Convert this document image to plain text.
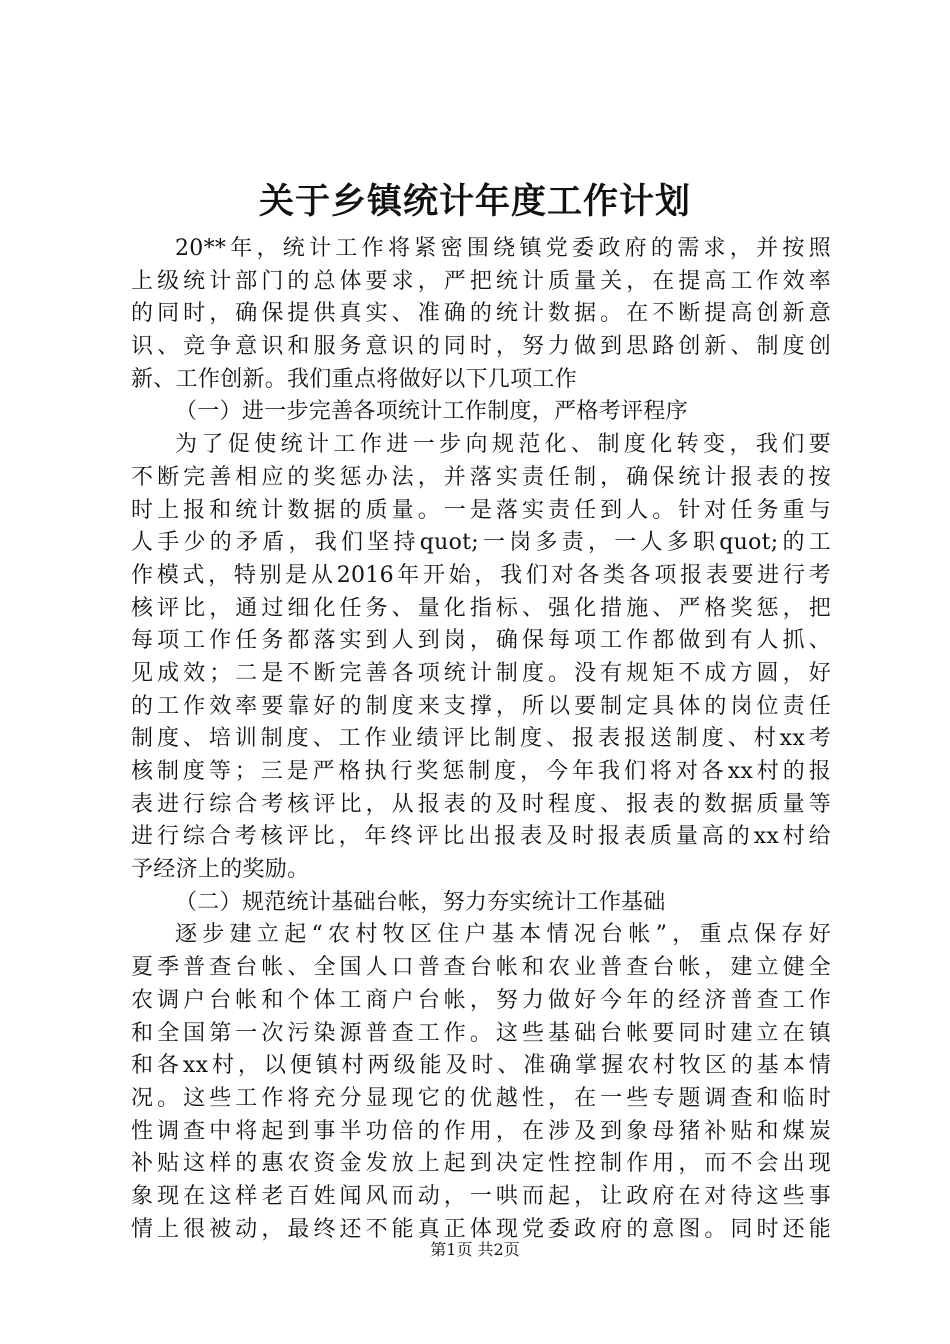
关于乡镇统计年度工作计划
20**年，统计工作将紧密围绕镇党委政府的需求，并按照
上级统计部门的总体要求，严把统计质量关，在提高工作效率
的同时，确保提供真实、准确的统计数据。在不断提高创新意
识、竞争意识和服务意识的同时，努力做到思路创新、制度创
新、工作创新。我们重点将做好以下几项工作
（一）进一步完善各项统计工作制度，严格考评程序
为了促使统计工作进一步向规范化、制度化转变，我们要
不断完善相应的奖惩办法，并落实责任制，确保统计报表的按
时上报和统计数据的质量。一是落实责任到人。针对任务重与
人手少的矛盾，我们坚持quot;一岗多责，一人多职quot;的工
作模式，特别是从2016年开始，我们对各类各项报表要进行考
核评比，通过细化任务、量化指标、强化措施、严格奖惩，把
每项工作任务都落实到人到岗，确保每项工作都做到有人抓、
见成效；二是不断完善各项统计制度。没有规矩不成方圆，好
的工作效率要靠好的制度来支撑，所以要制定具体的岗位责任
制度、培训制度、工作业绩评比制度、报表报送制度、村xx考
核制度等；三是严格执行奖惩制度，今年我们将对各xx村的报
表进行综合考核评比，从报表的及时程度、报表的数据质量等
进行综合考核评比，年终评比出报表及时报表质量高的xx村给
予经济上的奖励。
（二）规范统计基础台帐，努力夯实统计工作基础
逐步建立起“农村牧区住户基本情况台帐”，重点保存好
夏季普查台帐、全国人口普查台帐和农业普查台帐，建立健全
农调户台帐和个体工商户台帐，努力做好今年的经济普查工作
和全国第一次污染源普查工作。这些基础台帐要同时建立在镇
和各xx村，以便镇村两级能及时、准确掌握农村牧区的基本情
况。这些工作将充分显现它的优越性，在一些专题调查和临时
性调查中将起到事半功倍的作用，在涉及到象母猪补贴和煤炭
补贴这样的惠农资金发放上起到决定性控制作用，而不会出现
象现在这样老百姓闻风而动，一哄而起，让政府在对待这些事
情上很被动，最终还不能真正体现党委政府的意图。同时还能
第1页 共2页
